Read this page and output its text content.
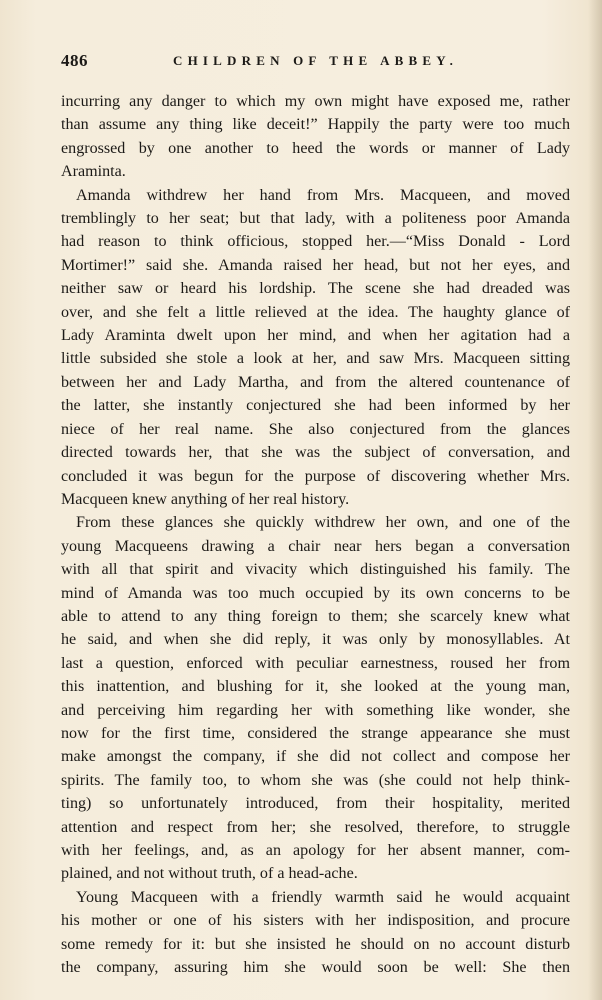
486	CHILDREN OF THE ABBEY.

incurring any danger to which my own might have exposed me, rather
than assume any thing like deceit!” Happily the party were too much
engrossed by one another to heed the words or manner of Lady
Araminta.

Amanda withdrew her hand from Mrs. Macqueen, and moved
tremblingly to her seat; but that lady, with a politeness poor Amanda
had reason to think officious, stopped her.—“Miss Donald - Lord
Mortimer!” said she. Amanda raised her head, but not her eyes, and
neither saw or heard his lordship. The scene she had dreaded was
over, and she felt a little relieved at the idea. The haughty glance of
Lady Araminta dwelt upon her mind, and when her agitation had a
little subsided she stole a look at her, and saw Mrs. Macqueen sitting
between her and Lady Martha, and from the altered countenance of
the latter, she instantly conjectured she had been informed by her
niece of her real name. She also conjectured from the glances
directed towards her, that she was the subject of conversation, and
concluded it was begun for the purpose of discovering whether Mrs.
Macqueen knew anything of her real history.

From these glances she quickly withdrew her own, and one of the
young Macqueens drawing a chair near hers began a conversation
with all that spirit and vivacity which distinguished his family. The
mind of Amanda was too much occupied by its own concerns to be
able to attend to any thing foreign to them; she scarcely knew what
he said, and when she did reply, it was only by monosyllables. At
last a question, enforced with peculiar earnestness, roused her from
this inattention, and blushing for it, she looked at the young man,
and perceiving him regarding her with something like wonder, she
now for the first time, considered the strange appearance she must
make amongst the company, if she did not collect and compose her
spirits. The family too, to whom she was (she could not help think-
ting) so unfortunately introduced, from their hospitality, merited
attention and respect from her; she resolved, therefore, to struggle
with her feelings, and, as an apology for her absent manner, com-
plained, and not without truth, of a head-ache.

Young Macqueen with a friendly warmth said he would acquaint
his mother or one of his sisters with her indisposition, and procure
some remedy for it: but she insisted he should on no account disturb
the company, assuring him she would soon be well: She then
